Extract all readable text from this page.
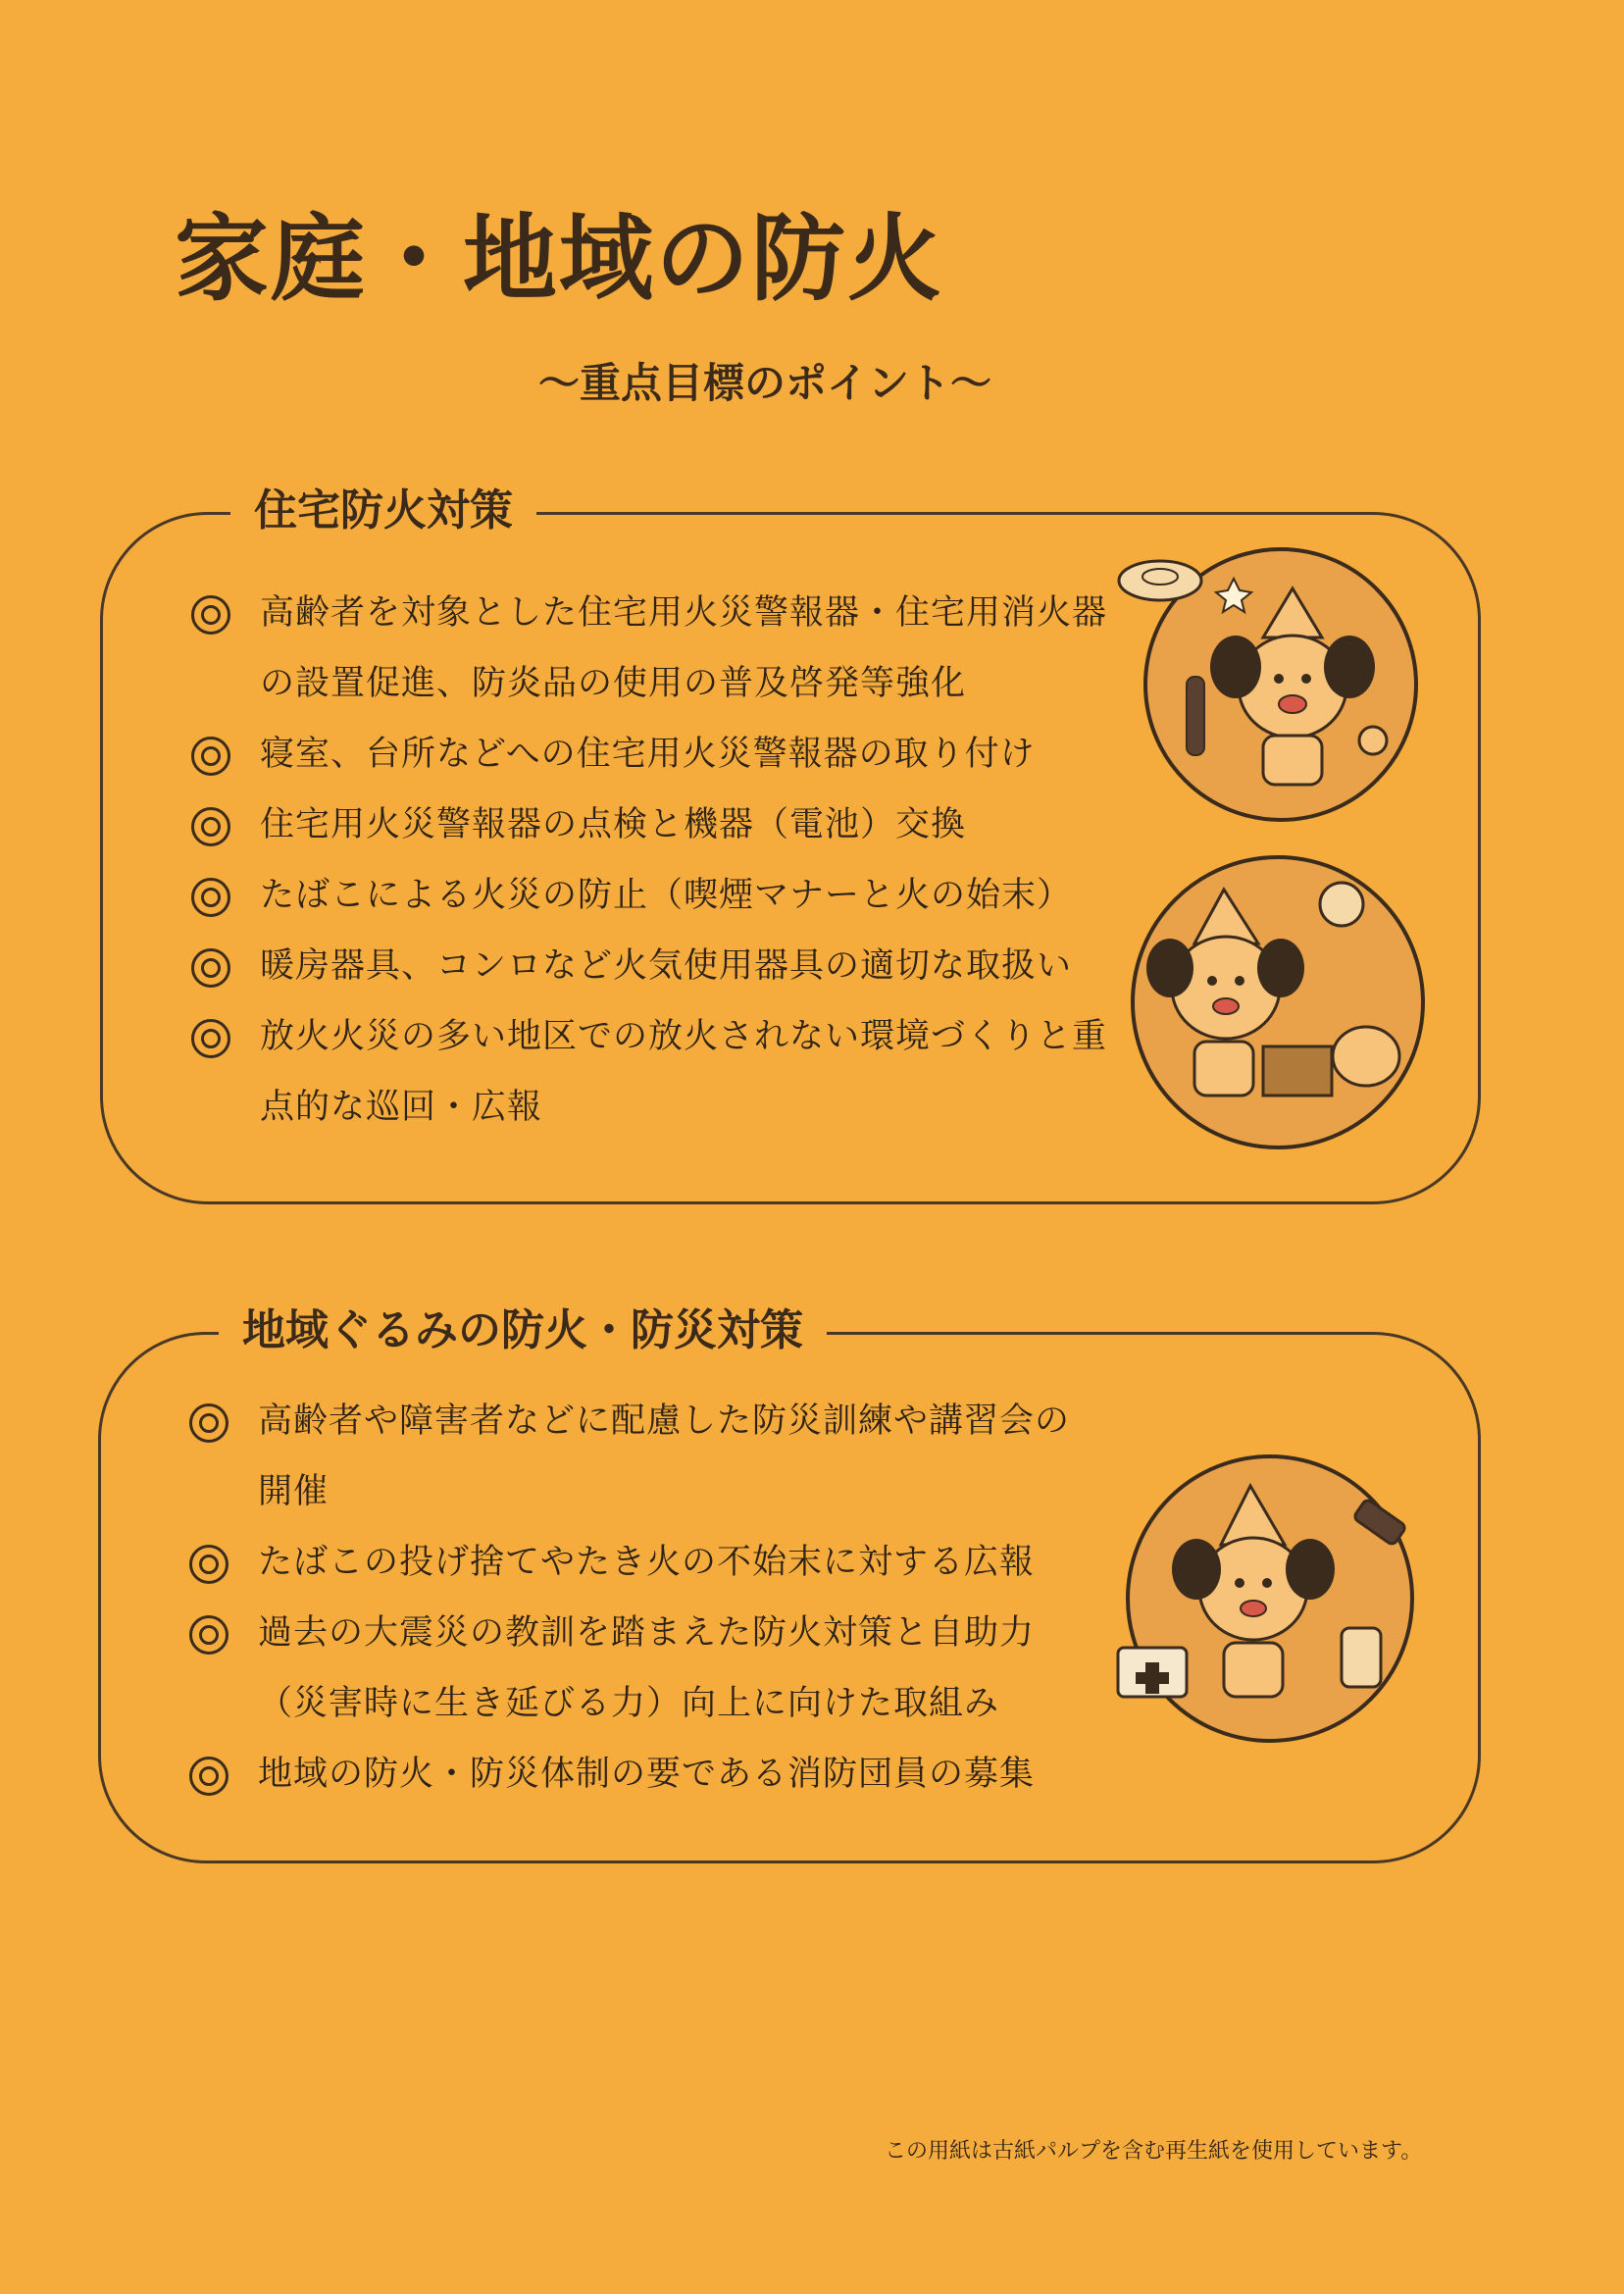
家庭・地域の防火
～重点目標のポイント～
住宅防火対策
高齢者を対象とした住宅用火災警報器・住宅用消火器の設置促進、防炎品の使用の普及啓発等強化
寝室、台所などへの住宅用火災警報器の取り付け
住宅用火災警報器の点検と機器（電池）交換
たばこによる火災の防止（喫煙マナーと火の始末）
暖房器具、コンロなど火気使用器具の適切な取扱い
放火火災の多い地区での放火されない環境づくりと重点的な巡回・広報
地域ぐるみの防火・防災対策
高齢者や障害者などに配慮した防災訓練や講習会の開催
たばこの投げ捨てやたき火の不始末に対する広報
過去の大震災の教訓を踏まえた防火対策と自助力（災害時に生き延びる力）向上に向けた取組み
地域の防火・防災体制の要である消防団員の募集
この用紙は古紙パルプを含む再生紙を使用しています。
